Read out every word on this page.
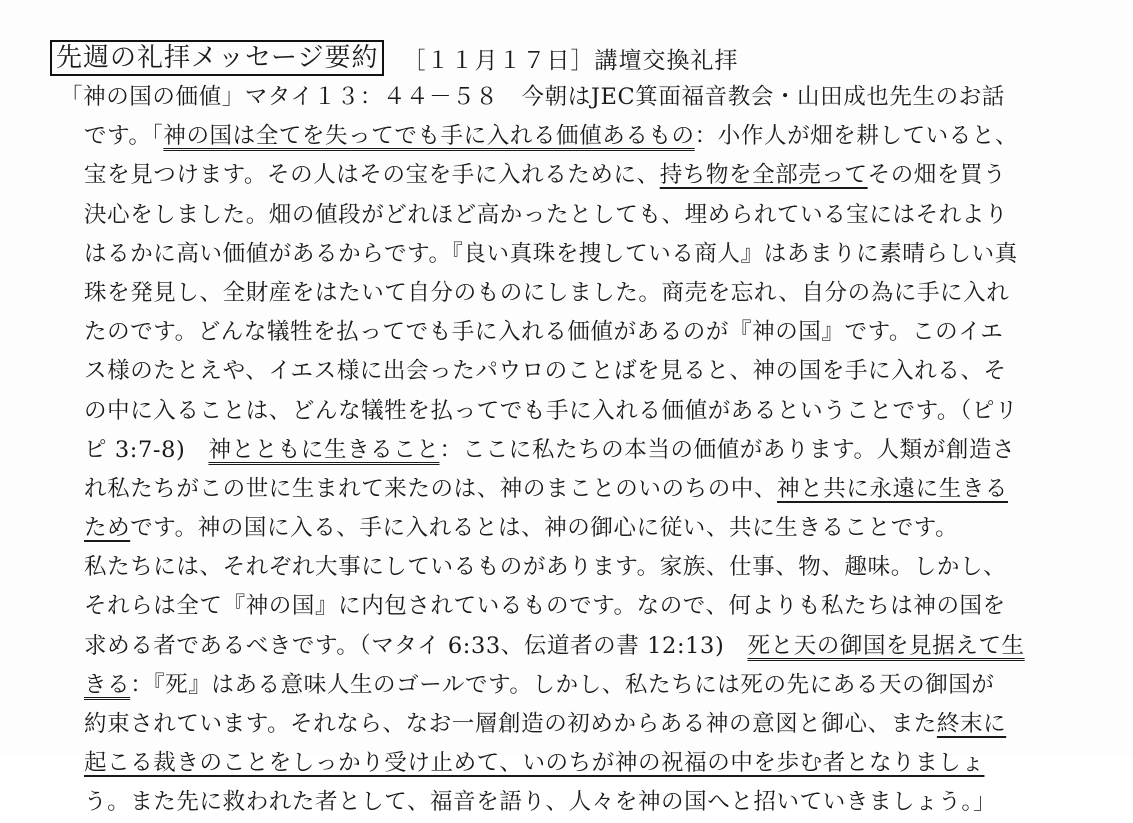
先週の礼拝メッセージ要約 ［１１月１７日］講壇交換礼拝
「神の国の価値」マタイ１３：４４－５８　今朝はJEC箕面福音教会・山田成也先生のお話
です。「神の国は全てを失ってでも手に入れる価値あるもの：小作人が畑を耕していると、
宝を見つけます。その人はその宝を手に入れるために、持ち物を全部売ってその畑を買う
決心をしました。畑の値段がどれほど高かったとしても、埋められている宝にはそれより
はるかに高い価値があるからです。『良い真珠を捜している商人』はあまりに素晴らしい真
珠を発見し、全財産をはたいて自分のものにしました。商売を忘れ、自分の為に手に入れ
たのです。どんな犠牲を払ってでも手に入れる価値があるのが『神の国』です。このイエ
ス様のたとえや、イエス様に出会ったパウロのことばを見ると、神の国を手に入れる、そ
の中に入ることは、どんな犠牲を払ってでも手に入れる価値があるということです。（ピリ
ピ 3:7-8)　神とともに生きること：ここに私たちの本当の価値があります。人類が創造さ
れ私たちがこの世に生まれて来たのは、神のまことのいのちの中、神と共に永遠に生きる
ためです。神の国に入る、手に入れるとは、神の御心に従い、共に生きることです。
私たちには、それぞれ大事にしているものがあります。家族、仕事、物、趣味。しかし、
それらは全て『神の国』に内包されているものです。なので、何よりも私たちは神の国を
求める者であるべきです。（マタイ 6:33、伝道者の書 12:13)　死と天の御国を見据えて生
きる：『死』はある意味人生のゴールです。しかし、私たちには死の先にある天の御国が
約束されています。それなら、なお一層創造の初めからある神の意図と御心、また終末に
起こる裁きのことをしっかり受け止めて、いのちが神の祝福の中を歩む者となりましょ
う。また先に救われた者として、福音を語り、人々を神の国へと招いていきましょう。」
